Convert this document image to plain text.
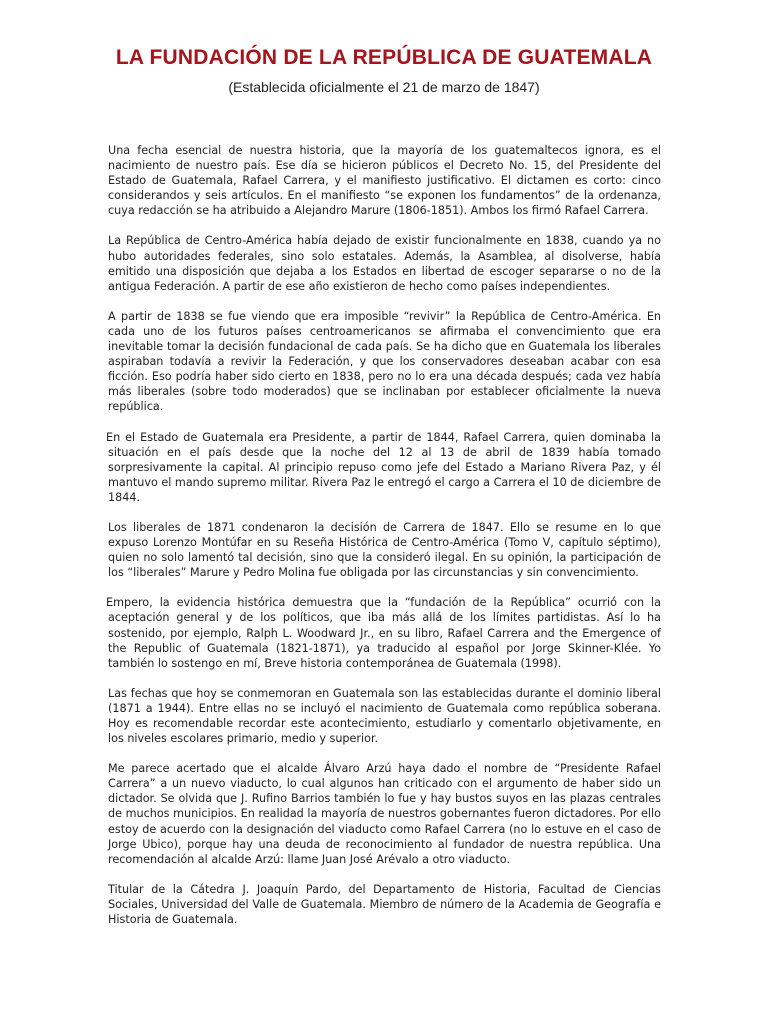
LA FUNDACIÓN DE LA REPÚBLICA DE GUATEMALA
(Establecida oficialmente el 21 de marzo de 1847)

Una fecha esencial de nuestra historia, que la mayoría de los guatemaltecos ignora, es el nacimiento de nuestro país. Ese día se hicieron públicos el Decreto No. 15, del Presidente del Estado de Guatemala, Rafael Carrera, y el manifiesto justificativo. El dictamen es corto: cinco considerandos y seis artículos. En el manifiesto “se exponen los fundamentos” de la ordenanza, cuya redacción se ha atribuido a Alejandro Marure (1806-1851). Ambos los firmó Rafael Carrera.

La República de Centro-América había dejado de existir funcionalmente en 1838, cuando ya no hubo autoridades federales, sino solo estatales. Además, la Asamblea, al disolverse, había emitido una disposición que dejaba a los Estados en libertad de escoger separarse o no de la antigua Federación. A partir de ese año existieron de hecho como países independientes.

A partir de 1838 se fue viendo que era imposible “revivir” la República de Centro-América. En cada uno de los futuros países centroamericanos se afirmaba el convencimiento que era inevitable tomar la decisión fundacional de cada país. Se ha dicho que en Guatemala los liberales aspiraban todavía a revivir la Federación, y que los conservadores deseaban acabar con esa ficción. Eso podría haber sido cierto en 1838, pero no lo era una década después; cada vez había más liberales (sobre todo moderados) que se inclinaban por establecer oficialmente la nueva república.

En el Estado de Guatemala era Presidente, a partir de 1844, Rafael Carrera, quien dominaba la situación en el país desde que la noche del 12 al 13 de abril de 1839 había tomado sorpresivamente la capital. Al principio repuso como jefe del Estado a Mariano Rivera Paz, y él mantuvo el mando supremo militar. Rivera Paz le entregó el cargo a Carrera el 10 de diciembre de 1844.

Los liberales de 1871 condenaron la decisión de Carrera de 1847. Ello se resume en lo que expuso Lorenzo Montúfar en su Reseña Histórica de Centro-América (Tomo V, capítulo séptimo), quien no solo lamentó tal decisión, sino que la consideró ilegal. En su opinión, la participación de los “liberales” Marure y Pedro Molina fue obligada por las circunstancias y sin convencimiento.

Empero, la evidencia histórica demuestra que la “fundación de la República” ocurrió con la aceptación general y de los políticos, que iba más allá de los límites partidistas. Así lo ha sostenido, por ejemplo, Ralph L. Woodward Jr., en su libro, Rafael Carrera and the Emergence of the Republic of Guatemala (1821-1871), ya traducido al español por Jorge Skinner-Klée. Yo también lo sostengo en mí, Breve historia contemporánea de Guatemala (1998).

Las fechas que hoy se conmemoran en Guatemala son las establecidas durante el dominio liberal (1871 a 1944). Entre ellas no se incluyó el nacimiento de Guatemala como república soberana. Hoy es recomendable recordar este acontecimiento, estudiarlo y comentarlo objetivamente, en los niveles escolares primario, medio y superior.

Me parece acertado que el alcalde Álvaro Arzú haya dado el nombre de “Presidente Rafael Carrera” a un nuevo viaducto, lo cual algunos han criticado con el argumento de haber sido un dictador. Se olvida que J. Rufino Barrios también lo fue y hay bustos suyos en las plazas centrales de muchos municipios. En realidad la mayoría de nuestros gobernantes fueron dictadores. Por ello estoy de acuerdo con la designación del viaducto como Rafael Carrera (no lo estuve en el caso de Jorge Ubico), porque hay una deuda de reconocimiento al fundador de nuestra república. Una recomendación al alcalde Arzú: llame Juan José Arévalo a otro viaducto.

Titular de la Cátedra J. Joaquín Pardo, del Departamento de Historia, Facultad de Ciencias Sociales, Universidad del Valle de Guatemala. Miembro de número de la Academia de Geografía e Historia de Guatemala.
